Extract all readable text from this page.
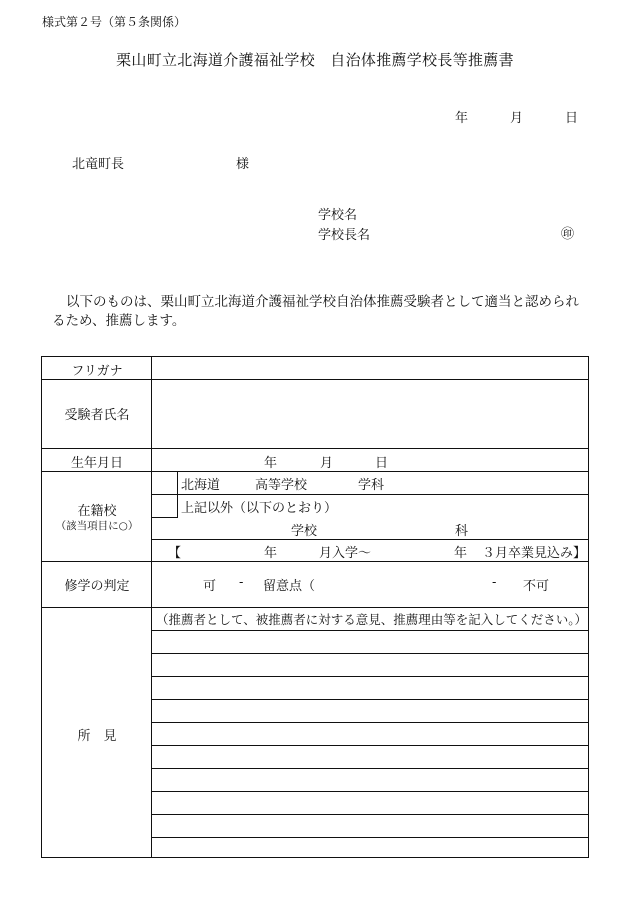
様式第２号（第５条関係）
栗山町立北海道介護福祉学校　自治体推薦学校長等推薦書
年	月	日
北竜町長	様
学校名
学校長名	㊞

以下のものは、栗山町立北海道介護福祉学校自治体推薦受験者として適当と認められ

るため、推薦します。

フリガナ
受験者氏名
生年月日	年	月	日
在籍校
（該当項目に○）
北海道	高等学校	学科
上記以外（以下のとおり）
学校	科
【	年	月入学～	年 ３月卒業見込み】
修学の判定	可 - 留意点（	- 不可
所　見
（推薦者として、被推薦者に対する意見、推薦理由等を記入してください。）
